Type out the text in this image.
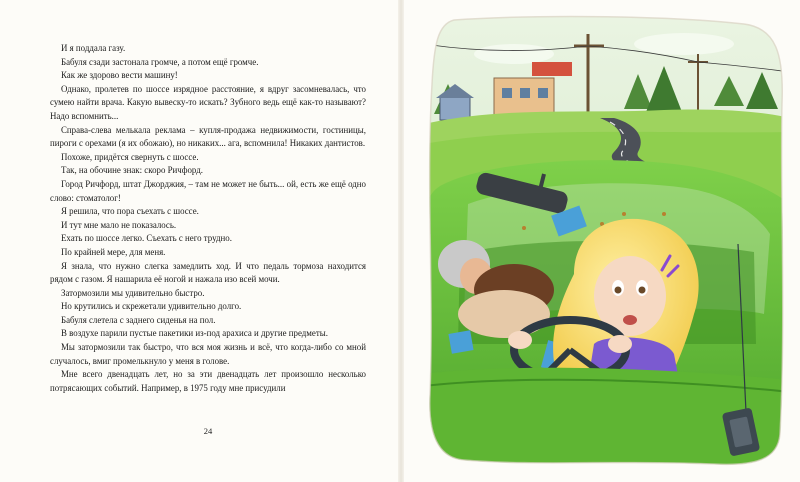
И я поддала газу.

Бабуля сзади застонала громче, а потом ещё громче.

Как же здорово вести машину!

Однако, пролетев по шоссе изрядное расстояние, я вдруг засомневалась, что сумею найти врача. Какую вывеску-то искать? Зубного ведь ещё как-то называют? Надо вспомнить...

Справа-слева мелькала реклама – купля-продажа недвижимости, гостиницы, пироги с орехами (я их обожаю), но никаких... ага, вспомнила! Никаких дантистов.

Похоже, придётся свернуть с шоссе.

Так, на обочине знак: скоро Ричфорд.

Город Ричфорд, штат Джорджия, – там не может не быть... ой, есть же ещё одно слово: стоматолог!

Я решила, что пора съехать с шоссе.

И тут мне мало не показалось.

Ехать по шоссе легко. Съехать с него трудно.

По крайней мере, для меня.

Я знала, что нужно слегка замедлить ход. И что педаль тормоза находится рядом с газом. Я нашарила её ногой и нажала изо всей мочи.

Затормозили мы удивительно быстро.

Но крутились и скрежетали удивительно долго.

Бабуля слетела с заднего сиденья на пол.

В воздухе парили пустые пакетики из-под арахиса и другие предметы.

Мы затормозили так быстро, что вся моя жизнь и всё, что когда-либо со мной случалось, вмиг промелькнуло у меня в голове.

Мне всего двенадцать лет, но за эти двенадцать лет произошло несколько потрясающих событий. Например, в 1975 году мне присудили

24
